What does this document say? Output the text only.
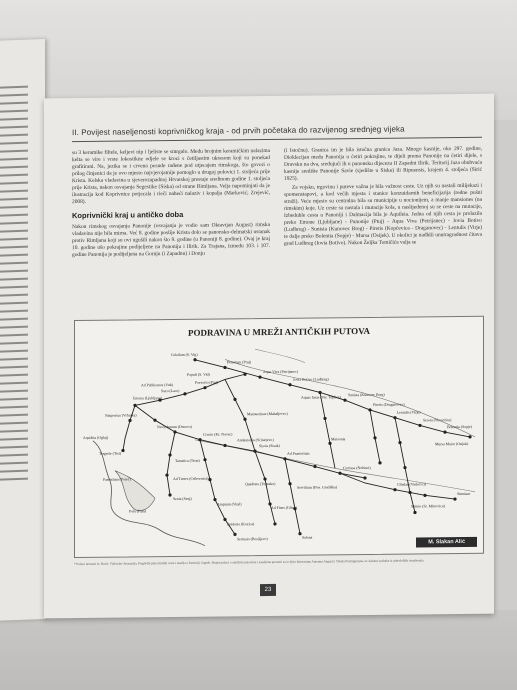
II. Povijest naseljenosti koprivničkog kraja - od prvih početaka do razvijenog srednjeg vijeka

su 3 keramike filtele, keljevi nip i ljeliste se smrgalo. Medu brojnim keramičkim nalazima kelta se vire i vrste lokostikne odjele se kroci s četiljastim ukrasom koji su ponekad grafitirani. Na, jezika se i crvena posude rađene pod utjecajem rimskoga, što govori o prilog činjenici da je ovo mjesto najvjerojatnije pomoglo u drugoj polovici 1. stoljeća prije Krista. Kelska vladavina u sjeverozapadnoj Hrvatskoj prestaje sredinom godine 1. stoljeća prije Krista, nakon osvajanja Segestike (Siska) od strane Rimljana. Velja napominjati da je ilustracija kod Koprivnice potjecala i rieči naheći nalaziv i kopalja (Marković; Zrejević, 2008).

Koprivnički kraj u antičko doba

Nakon rimskog osvajanja Panonije (osvajanja je vodio sam Oktavijan August) rimska vladavina nije bila mirna. Već 8. godine poslije Krista dolo se panonsko-delmatski ustanak protiv Rimljana koji su ovi ugušili nakon što 9. godine (u Panoniji 8. godine). Ovaj je kraj 10. godine ušo pokrajine podijeljene na Panoniju i Ilirik. Za Trajana, između 103. i 107. godine Panonija je podijeljena na Gornju (i Zapadnu) i Donju

(i Istočnu). Granica im je bila istočna granica Jaza. Mnogo kasnije, oko 297. godine, Dioklecijan među Panonija u četiri pokrajine, te dijeli prema Panonije na četiri dijele, s Dravsku na dva, sređujući ih u panonsku dijecezu II Zapadni Ilirik. Teritorij Jaza obuhvaća kasnije središte Panonije Savie (sjedište u Sisku) ili Ripuensis, krajem 4. stoljeća (Sirić 1925).

Za vojsku, trgovinu i puteve važna je bila važnost ceste. Uz njih su nastali milijekazi i spomenstapovi, a kod većih mjesta i stanice konzuidarnih beneficijarija (redne pušni straži). Veće mjesto su centralna bila su municipije u nocionijem, a manje mansiones (na rimskim) koje. Uz ceste su nastala i mutacije kola, u naslijeđenoj su se ceste na mutacije, Izbeduble cesta u Panoniji i Dalmacija bila je Aquileia. Jedna od njih cesta je prolazila preko Emone (Ljubljane) - Panonije (Ptuj) - Aqua Viva (Petrijanec) - Jovia Botivo (Ludbreg) - Sunista (Kunovec Breg) - Piretis (Kopčevica - Draganovec) - Lentulis (Virje) te dalje preko Bolentia (Sopje) - Mursa (Osijek). U okolici je nađblii unutragradnost čitava grad Ludbreg (Iovia Botivo). Nakon Željka Tomičića valja se

Celeilam (S. Vig)
Petavium (Ptuj)
Aqua Viva (Petrijanec)
Populi (S. Vid)
Jovia Botivo (Ludbreg)
Ad Publicanos (Vuk)
Saxo (Lace)
Emona (Ljubljana)
Poetovio (Ptuj)
Aquas Iasas (Var. Toplice)
Sunista (Kunovec Breg)
Piretis (Draganovec)
Lentulis (Virje)
Nauportus (Vrhnika)
Neviodunum (Drnovo)
Crucio (Kr. Novac)
Andautonia (Sćitarjevo)
Siscia (Sisak)
Ad Praetorium
Serota (Virovitica)
Marsonia
Mursa Maior (Osijek)
Certissa (Štrbinci)
Cibalae (Vinkovci)
Sirmium
Aquileia (Oglaj)
Tergeste (Trst)
Tarsatica (Trsat)
Pola (Pula)
Parentium (Poreč)	Ad Turres (Crikvenica)
Senia (Senj)
Arupium (Vital)
Epidotio (Kozica)
Servitium (Bos. Gradiška)
Salona
Sirmio (Sr. Mitrovica)
Sermaio (Bosiljevo)
Quadrata (Topusko)
Ad Fines (Glina)
Bolentia (Sopje)
Mansuetinae (Mahaljevec)
PODRAVINA U MREŽI ANTIČKIH PUTOVA
M. Slakan Alić
* Podaci preuzeti iz: Đurić, Vjekoslav Anastasija, Pregledni plan rimskih cesta i naselja u Panoniji, Zagreb. Brojni podaci o antičkim putovima i naseljima preuzeti su iz djela Itinerarium Antonini Augusti i Tabula Peutingeriana, uz dodatne podatke iz arheoloških istraživanja.
23
